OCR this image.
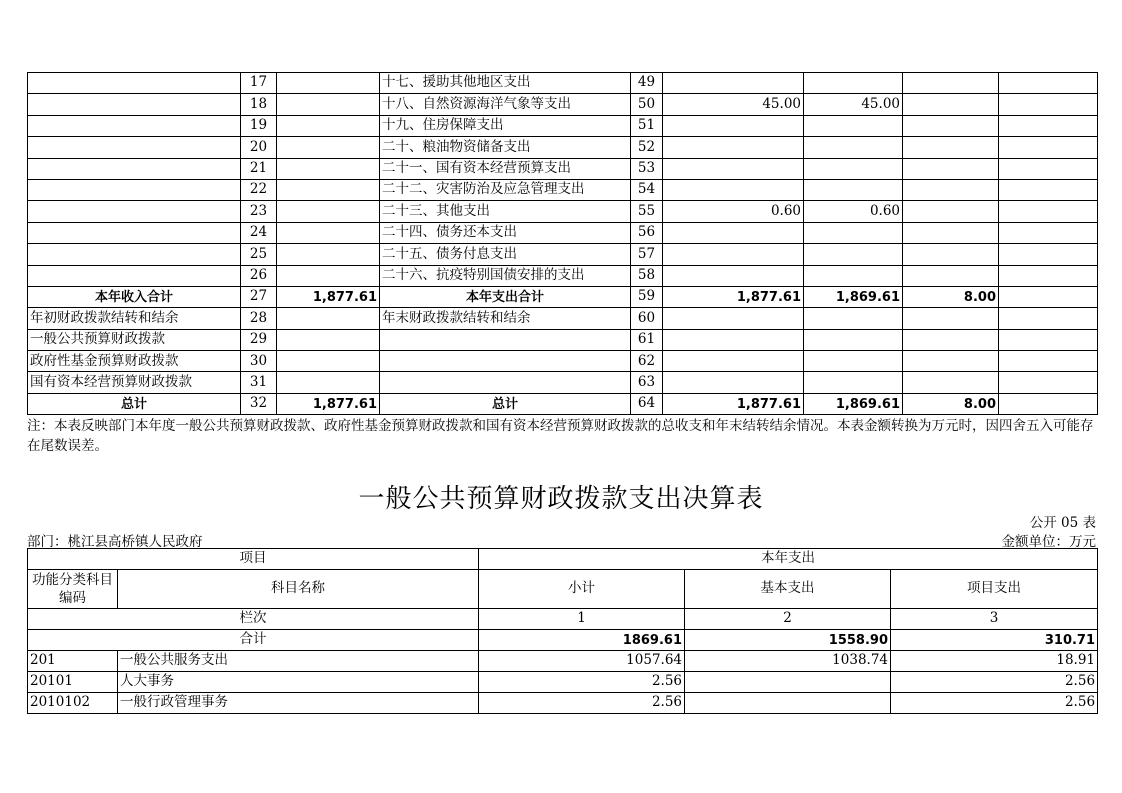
	17		十七、援助其他地区支出	49				
	18		十八、自然资源海洋气象等支出	50	45.00	45.00		
	19		十九、住房保障支出	51				
	20		二十、粮油物资储备支出	52				
	21		二十一、国有资本经营预算支出	53				
	22		二十二、灾害防治及应急管理支出	54				
	23		二十三、其他支出	55	0.60	0.60		
	24		二十四、债务还本支出	56				
	25		二十五、债务付息支出	57				
	26		二十六、抗疫特别国债安排的支出	58				
本年收入合计	27	1,877.61	本年支出合计	59	1,877.61	1,869.61	8.00	
年初财政拨款结转和结余	28		年末财政拨款结转和结余	60				
一般公共预算财政拨款	29			61				
政府性基金预算财政拨款	30			62				
国有资本经营预算财政拨款	31			63				
总计	32	1,877.61	总计	64	1,877.61	1,869.61	8.00	
注：本表反映部门本年度一般公共预算财政拨款、政府性基金预算财政拨款和国有资本经营预算财政拨款的总收支和年末结转结余情况。本表金额转换为万元时，因四舍五入可能存在尾数误差。
一般公共预算财政拨款支出决算表
公开 05 表
部门：桃江县高桥镇人民政府	金额单位：万元
项目		本年支出		
功能分类科目编码	科目名称	小计	基本支出	项目支出
栏次		1	2	3
合计		1869.61	1558.90	310.71
201	一般公共服务支出	1057.64	1038.74	18.91
20101	人大事务	2.56		2.56
2010102	一般行政管理事务	2.56		2.56
